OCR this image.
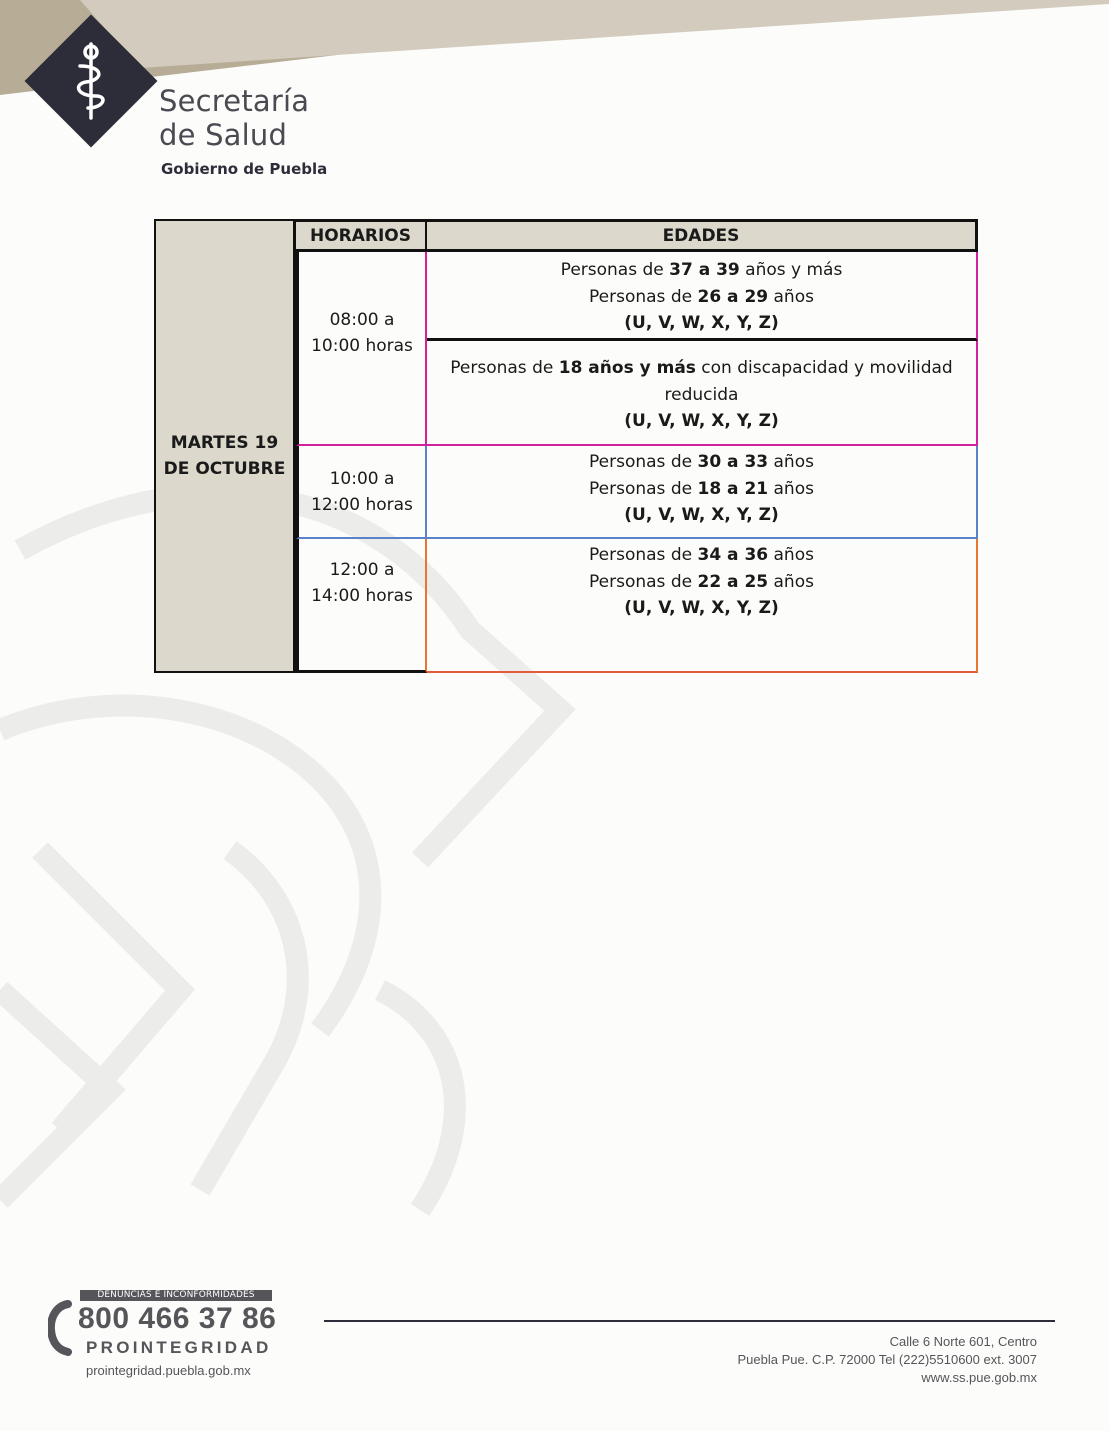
Secretaría
de Salud
Gobierno de Puebla
MARTES 19
DE OCTUBRE
HORARIOS	EDADES
08:00 a
10:00 horas
Personas de 37 a 39 años y más
Personas de 26 a 29 años
(U, V, W, X, Y, Z)
Personas de 18 años y más con discapacidad y movilidad reducida
(U, V, W, X, Y, Z)
10:00 a
12:00 horas
Personas de 30 a 33 años
Personas de 18 a 21 años
(U, V, W, X, Y, Z)
12:00 a
14:00 horas
Personas de 34 a 36 años
Personas de 22 a 25 años
(U, V, W, X, Y, Z)
DENUNCIAS E INCONFORMIDADES
800 466 37 86
PROINTEGRIDAD
prointegridad.puebla.gob.mx
Calle 6 Norte 601, Centro
Puebla Pue. C.P. 72000 Tel (222)5510600 ext. 3007
www.ss.pue.gob.mx
